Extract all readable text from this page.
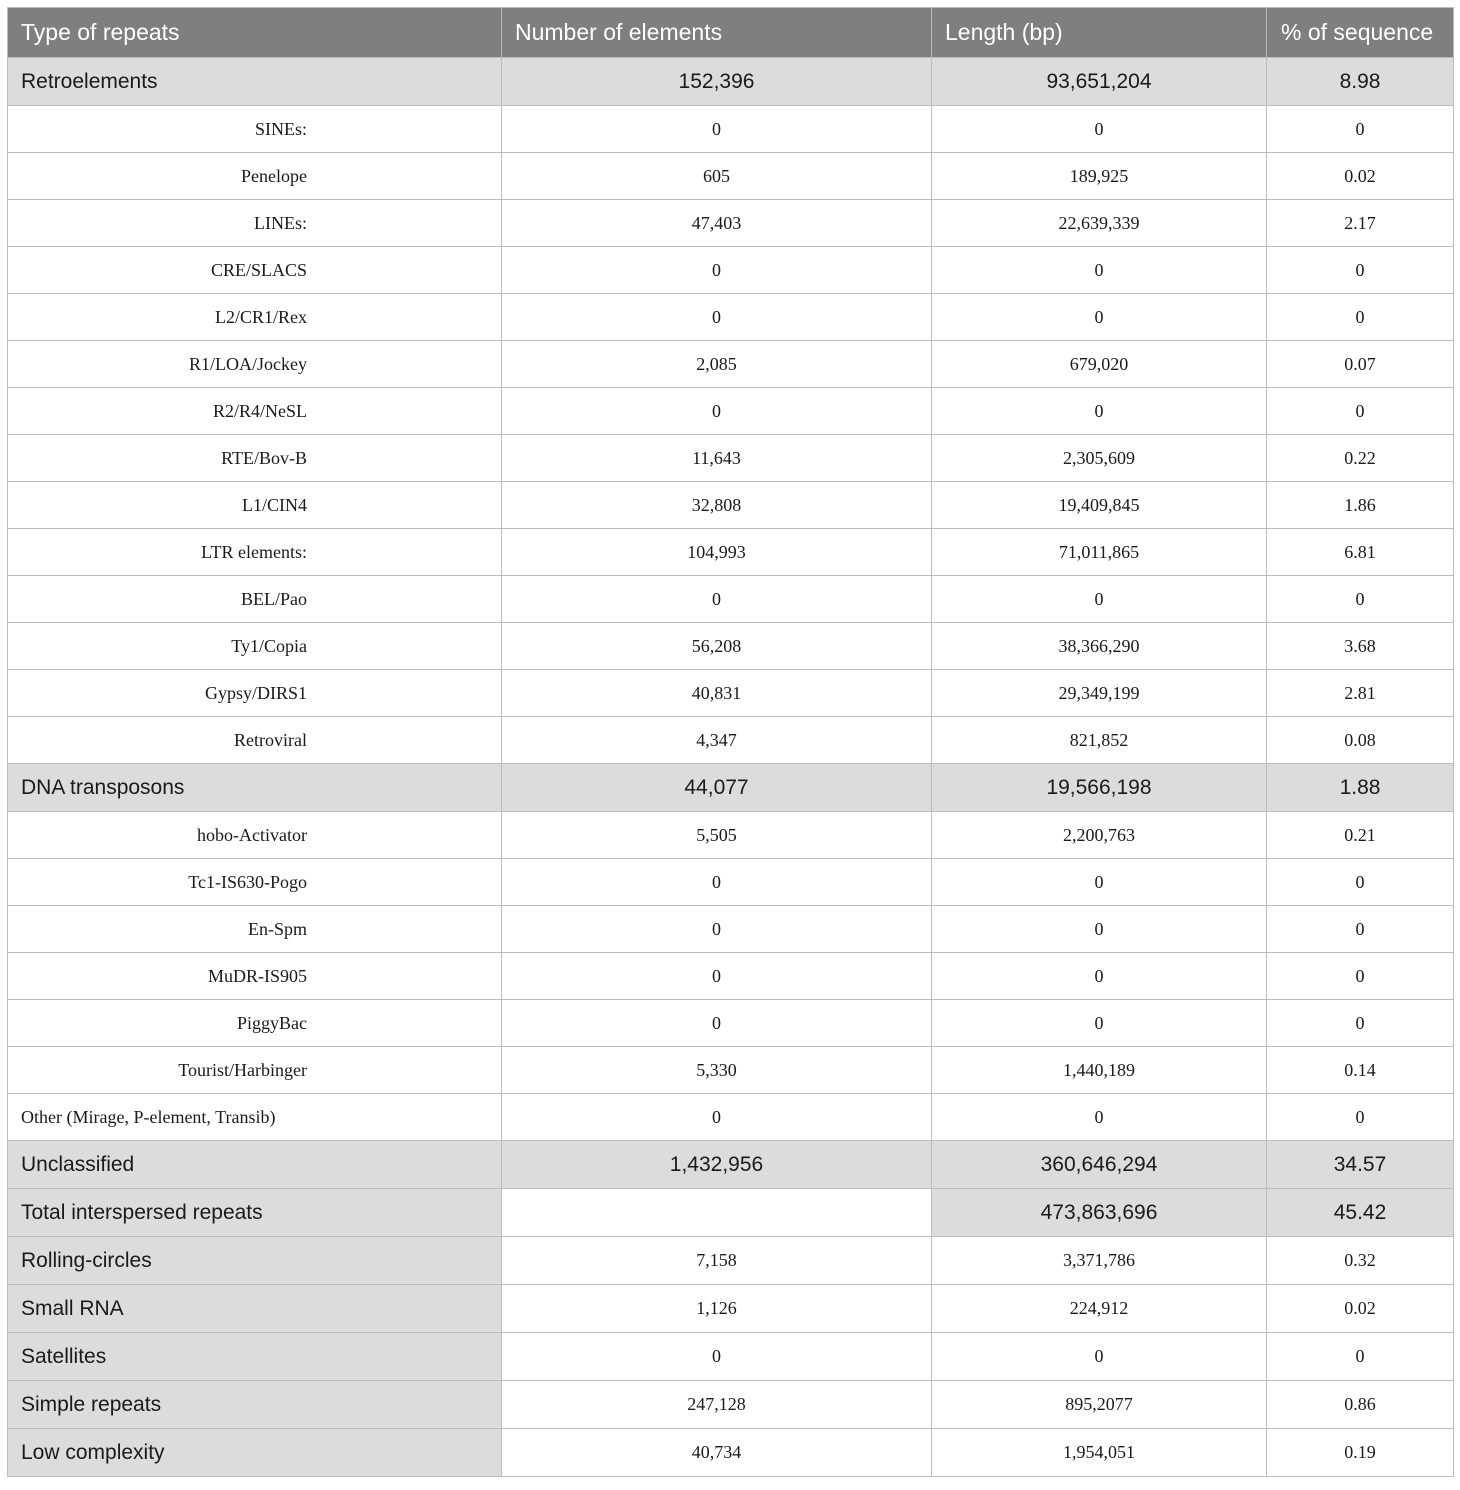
Type of repeats	Number of elements	Length (bp)	% of sequence
Retroelements	152,396	93,651,204	8.98
SINEs:	0	0	0
Penelope	605	189,925	0.02
LINEs:	47,403	22,639,339	2.17
CRE/SLACS	0	0	0
L2/CR1/Rex	0	0	0
R1/LOA/Jockey	2,085	679,020	0.07
R2/R4/NeSL	0	0	0
RTE/Bov-B	11,643	2,305,609	0.22
L1/CIN4	32,808	19,409,845	1.86
LTR elements:	104,993	71,011,865	6.81
BEL/Pao	0	0	0
Ty1/Copia	56,208	38,366,290	3.68
Gypsy/DIRS1	40,831	29,349,199	2.81
Retroviral	4,347	821,852	0.08
DNA transposons	44,077	19,566,198	1.88
hobo-Activator	5,505	2,200,763	0.21
Tc1-IS630-Pogo	0	0	0
En-Spm	0	0	0
MuDR-IS905	0	0	0
PiggyBac	0	0	0
Tourist/Harbinger	5,330	1,440,189	0.14
Other (Mirage, P-element, Transib)	0	0	0
Unclassified	1,432,956	360,646,294	34.57
Total interspersed repeats		473,863,696	45.42
Rolling-circles	7,158	3,371,786	0.32
Small RNA	1,126	224,912	0.02
Satellites	0	0	0
Simple repeats	247,128	895,2077	0.86
Low complexity	40,734	1,954,051	0.19
